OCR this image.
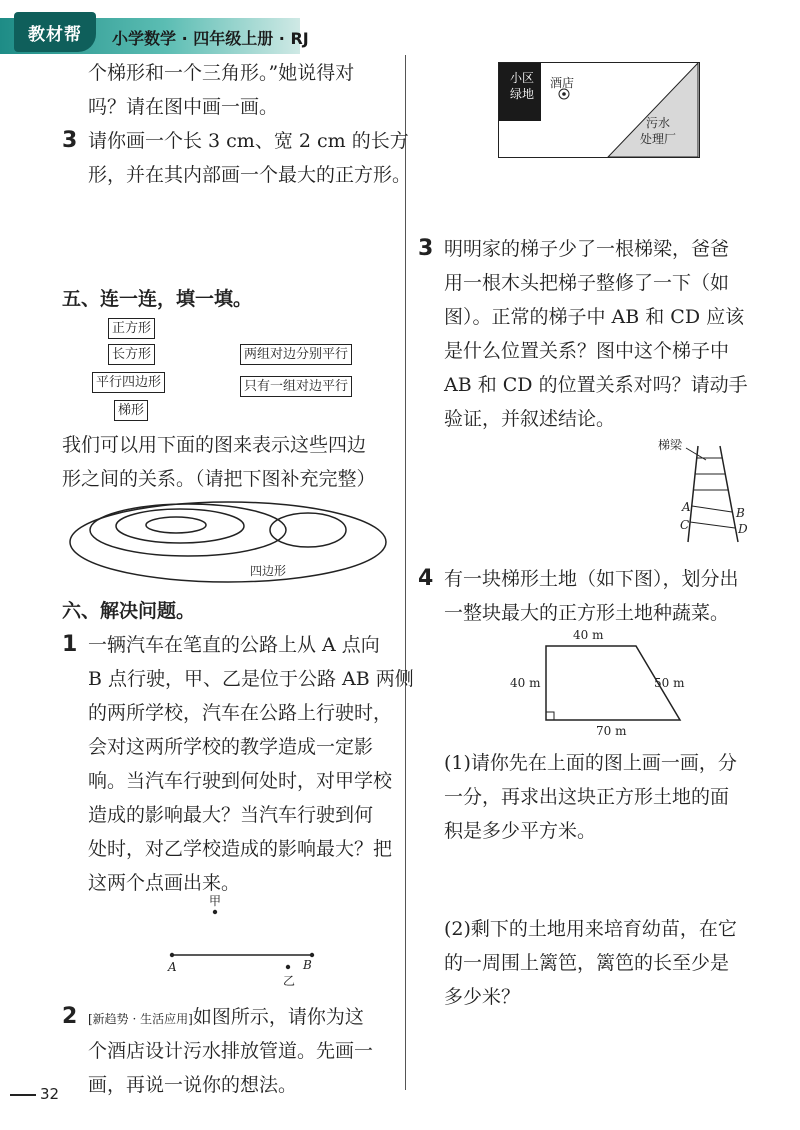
教材帮	小学数学 · 四年级上册 · RJ
个梯形和一个三角形。”她说得对
吗？请在图中画一画。
3 请你画一个长 3 cm、宽 2 cm 的长方
形，并在其内部画一个最大的正方形。
五、连一连，填一填。
正方形
长方形
平行四边形
梯形
两组对边分别平行
只有一组对边平行
我们可以用下面的图来表示这些四边
形之间的关系。（请把下图补充完整）
四边形
六、解决问题。
1 一辆汽车在笔直的公路上从 A 点向
B 点行驶，甲、乙是位于公路 AB 两侧
的两所学校，汽车在公路上行驶时，
会对这两所学校的教学造成一定影
响。当汽车行驶到何处时，对甲学校
造成的影响最大？当汽车行驶到何
处时，对乙学校造成的影响最大？把
这两个点画出来。
甲
乙
A	B
2 [新趋势 · 生活应用]如图所示，请你为这
个酒店设计污水排放管道。先画一
画，再说一说你的想法。
32
小区
绿地
酒店
污水
处理厂
3 明明家的梯子少了一根梯梁，爸爸
用一根木头把梯子整修了一下（如
图）。正常的梯子中 AB 和 CD 应该
是什么位置关系？图中这个梯子中
AB 和 CD 的位置关系对吗？请动手
验证，并叙述结论。
梯梁
A	B
C	D
4 有一块梯形土地（如下图），划分出
一整块最大的正方形土地种蔬菜。
40 m
40 m	50 m
70 m
(1)请你先在上面的图上画一画，分
一分，再求出这块正方形土地的面
积是多少平方米。
(2)剩下的土地用来培育幼苗，在它
的一周围上篱笆，篱笆的长至少是
多少米？
